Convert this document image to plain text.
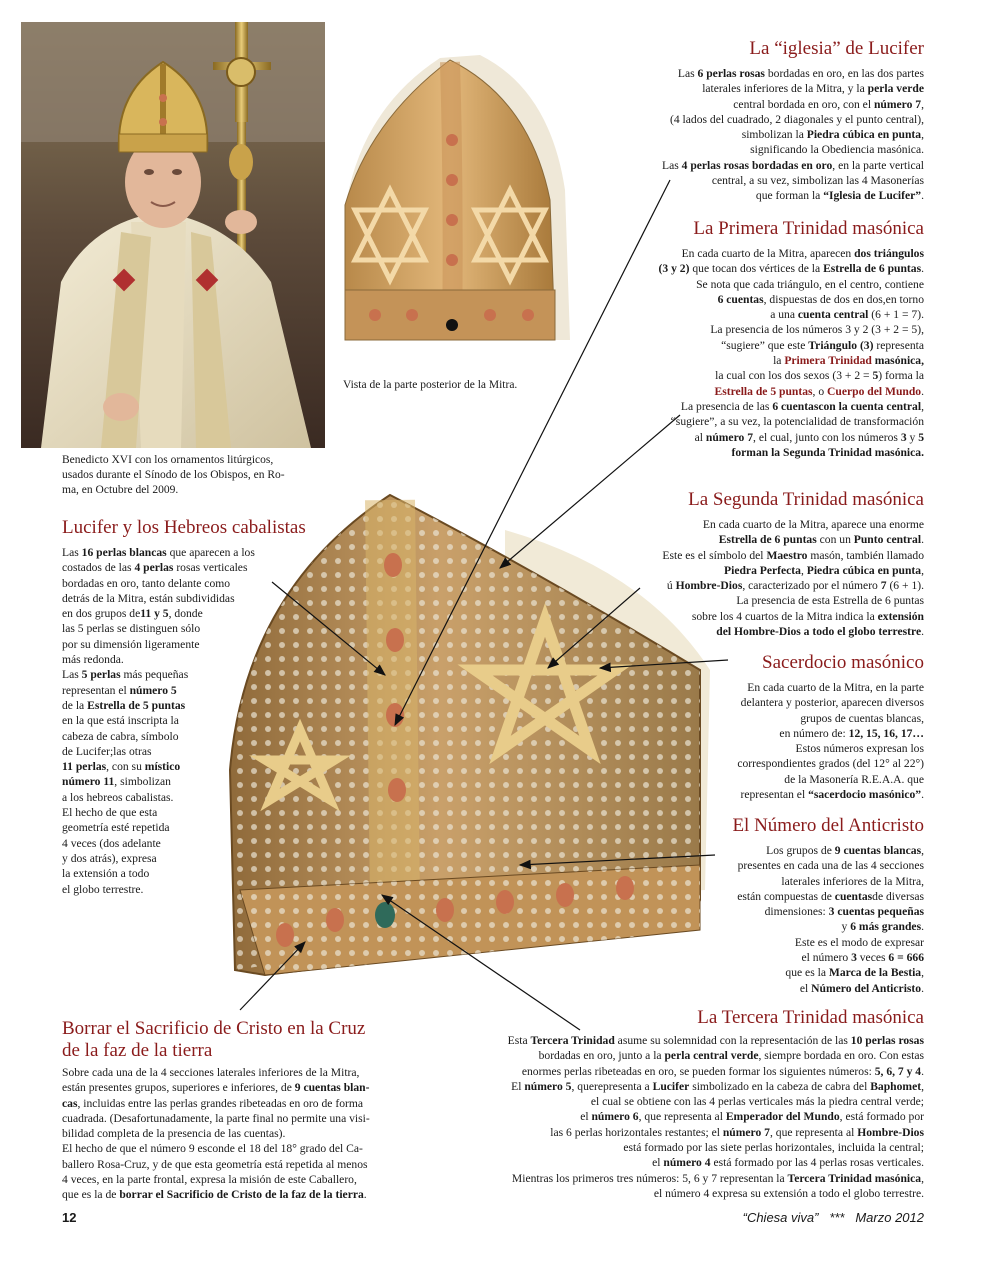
Benedicto XVI con los ornamentos litúrgicos,
usados durante el Sínodo de los Obispos, en Ro-
ma, en Octubre del 2009.
Vista de la parte posterior de la Mitra.
La “iglesia” de Lucifer
Las 6 perlas rosas bordadas en oro, en las dos partes
laterales inferiores de la Mitra, y la perla verde
central bordada en oro, con el número 7,
(4 lados del cuadrado, 2 diagonales y el punto central),
simbolizan la Piedra cúbica en punta,
significando la Obediencia masónica.
Las 4 perlas rosas bordadas en oro, en la parte vertical
central, a su vez, simbolizan las 4 Masonerías
que forman la “Iglesia de Lucifer”.
La Primera Trinidad masónica
En cada cuarto de la Mitra, aparecen dos triángulos
(3 y 2) que tocan dos vértices de la Estrella de 6 puntas.
Se nota que cada triángulo, en el centro, contiene
6 cuentas, dispuestas de dos en dos,en torno
a una cuenta central (6 + 1 = 7).
La presencia de los números 3 y 2 (3 + 2 = 5),
“sugiere” que este Triángulo (3) representa
la Primera Trinidad masónica,
la cual con los dos sexos (3 + 2 = 5) forma la
Estrella de 5 puntas, o Cuerpo del Mundo.
La presencia de las 6 cuentascon la cuenta central,
“sugiere”, a su vez, la potencialidad de transformación
al número 7, el cual, junto con los números 3 y 5
forman la Segunda Trinidad masónica.
La Segunda Trinidad masónica
En cada cuarto de la Mitra, aparece una enorme
Estrella de 6 puntas con un Punto central.
Este es el símbolo del Maestro masón, también llamado
Piedra Perfecta, Piedra cúbica en punta,
ú Hombre-Dios, caracterizado por el número 7 (6 + 1).
La presencia de esta Estrella de 6 puntas
sobre los 4 cuartos de la Mitra indica la extensión
del Hombre-Dios a todo el globo terrestre.
Sacerdocio masónico
En cada cuarto de la Mitra, en la parte
delantera y posterior, aparecen diversos
grupos de cuentas blancas,
en número de: 12, 15, 16, 17…
Estos números expresan los
correspondientes grados (del 12° al 22°)
de la Masonería R.E.A.A. que
representan el “sacerdocio masónico”.
El Número del Anticristo
Los grupos de 9 cuentas blancas,
presentes en cada una de las 4 secciones
laterales inferiores de la Mitra,
están compuestas de cuentasde diversas
dimensiones: 3 cuentas pequeñas
y 6 más grandes.
Este es el modo de expresar
el número 3 veces 6 = 666
que es la Marca de la Bestia,
el Número del Anticristo.
Lucifer y los Hebreos cabalistas
Las 16 perlas blancas que aparecen a los
costados de las 4 perlas rosas verticales
bordadas en oro, tanto delante como
detrás de la Mitra, están subdivididas
en dos grupos de11 y 5, donde
las 5 perlas se distinguen sólo
por su dimensión ligeramente
más redonda.
Las 5 perlas más pequeñas
representan el número 5
de la Estrella de 5 puntas
en la que está inscripta la
cabeza de cabra, símbolo
de Lucifer;las otras
11 perlas, con su místico
número 11, simbolizan
a los hebreos cabalistas.
El hecho de que esta
geometría esté repetida
4 veces (dos adelante
y dos atrás), expresa
la extensión a todo
el globo terrestre.
Borrar el Sacrificio de Cristo en la Cruz
de la faz de la tierra
Sobre cada una de la 4 secciones laterales inferiores de la Mitra,
están presentes grupos, superiores e inferiores, de 9 cuentas blan-
cas, incluidas entre las perlas grandes ribeteadas en oro de forma
cuadrada. (Desafortunadamente, la parte final no permite una visi-
bilidad completa de la presencia de las cuentas).
El hecho de que el número 9 esconde el 18 del 18° grado del Ca-
ballero Rosa-Cruz, y de que esta geometría está repetida al menos
4 veces, en la parte frontal, expresa la misión de este Caballero,
que es la de borrar el Sacrificio de Cristo de la faz de la tierra.
La Tercera Trinidad masónica
Esta Tercera Trinidad asume su solemnidad con la representación de las 10 perlas rosas
bordadas en oro, junto a la perla central verde, siempre bordada en oro. Con estas
enormes perlas ribeteadas en oro, se pueden formar los siguientes números: 5, 6, 7 y 4.
El número 5, querepresenta a Lucifer simbolizado en la cabeza de cabra del Baphomet,
el cual se obtiene con las 4 perlas verticales más la piedra central verde;
el número 6, que representa al Emperador del Mundo, está formado por
las 6 perlas horizontales restantes; el número 7, que representa al Hombre-Dios
está formado por las siete perlas horizontales, incluida la central;
el número 4 está formado por las 4 perlas rosas verticales.
Mientras los primeros tres números: 5, 6 y 7 representan la Tercera Trinidad masónica,
el número 4 expresa su extensión a todo el globo terrestre.
12	“Chiesa viva” *** Marzo 2012
